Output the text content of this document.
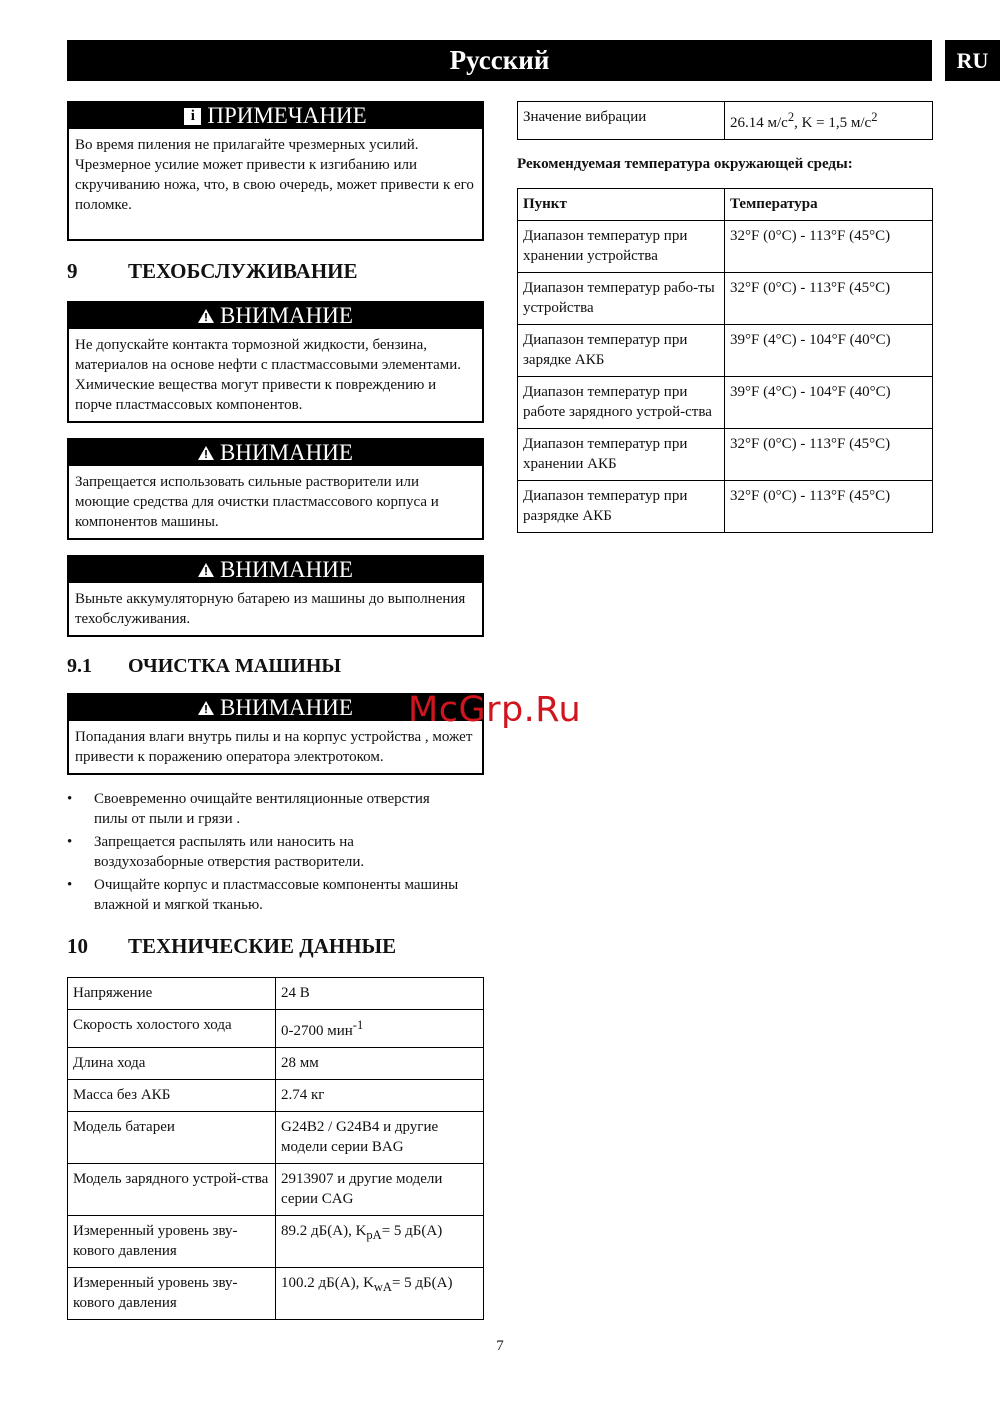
Русский	RU
i ПРИМЕЧАНИЕ
Во время пиления не прилагайте чрезмерных усилий. Чрезмерное усилие может привести к изгибанию или скручиванию ножа, что, в свою очередь, может привести к его поломке.
9 ТЕХОБСЛУЖИВАНИЕ
ВНИМАНИЕ
Не допускайте контакта тормозной жидкости, бензина, материалов на основе нефти с пластмассовыми элементами. Химические вещества могут привести к повреждению и порче пластмассовых компонентов.
ВНИМАНИЕ
Запрещается использовать сильные растворители или моющие средства для очистки пластмассового корпуса и компонентов машины.
ВНИМАНИЕ
Выньте аккумуляторную батарею из машины до выполнения техобслуживания.
9.1 ОЧИСТКА МАШИНЫ
ВНИМАНИЕ
Попадания влаги внутрь пилы и на корпус устройства , может привести к поражению оператора электротоком.
• Своевременно очищайте вентиляционные отверстия пилы от пыли и грязи .
• Запрещается распылять или наносить на воздухозаборные отверстия растворители.
• Очищайте корпус и пластмассовые компоненты машины влажной и мягкой тканью.
10 ТЕХНИЧЕСКИЕ ДАННЫЕ
Напряжение	24 В
Скорость холостого хода	0-2700 мин$^{-1}$
Длина хода	28 мм
Масса без АКБ	2.74 кг
Модель батареи	G24B2 / G24B4 и другие модели серии BAG
Модель зарядного устрой-ства	2913907 и другие модели серии CAG
Измеренный уровень зву-кового давления	89.2 дБ(A), $K_{pA}= 5$ дБ(A)
Измеренный уровень зву-кового давления	100.2 дБ(A), $K_{wA}= 5$ дБ(A)
Значение вибрации	26.14 $м/с^2$, K = 1,5 $м/с^2$
Рекомендуемая температура окружающей среды:
Пункт	Температура
Диапазон температур при хранении устройства	32°F (0°C) - 113°F (45°C)
Диапазон температур рабо-ты устройства	32°F (0°C) - 113°F (45°C)
Диапазон температур при зарядке АКБ	39°F (4°C) - 104°F (40°C)
Диапазон температур при работе зарядного устрой-ства	39°F (4°C) - 104°F (40°C)
Диапазон температур при хранении АКБ	32°F (0°C) - 113°F (45°C)
Диапазон температур при разрядке АКБ	32°F (0°C) - 113°F (45°C)
McGrp.Ru
7
